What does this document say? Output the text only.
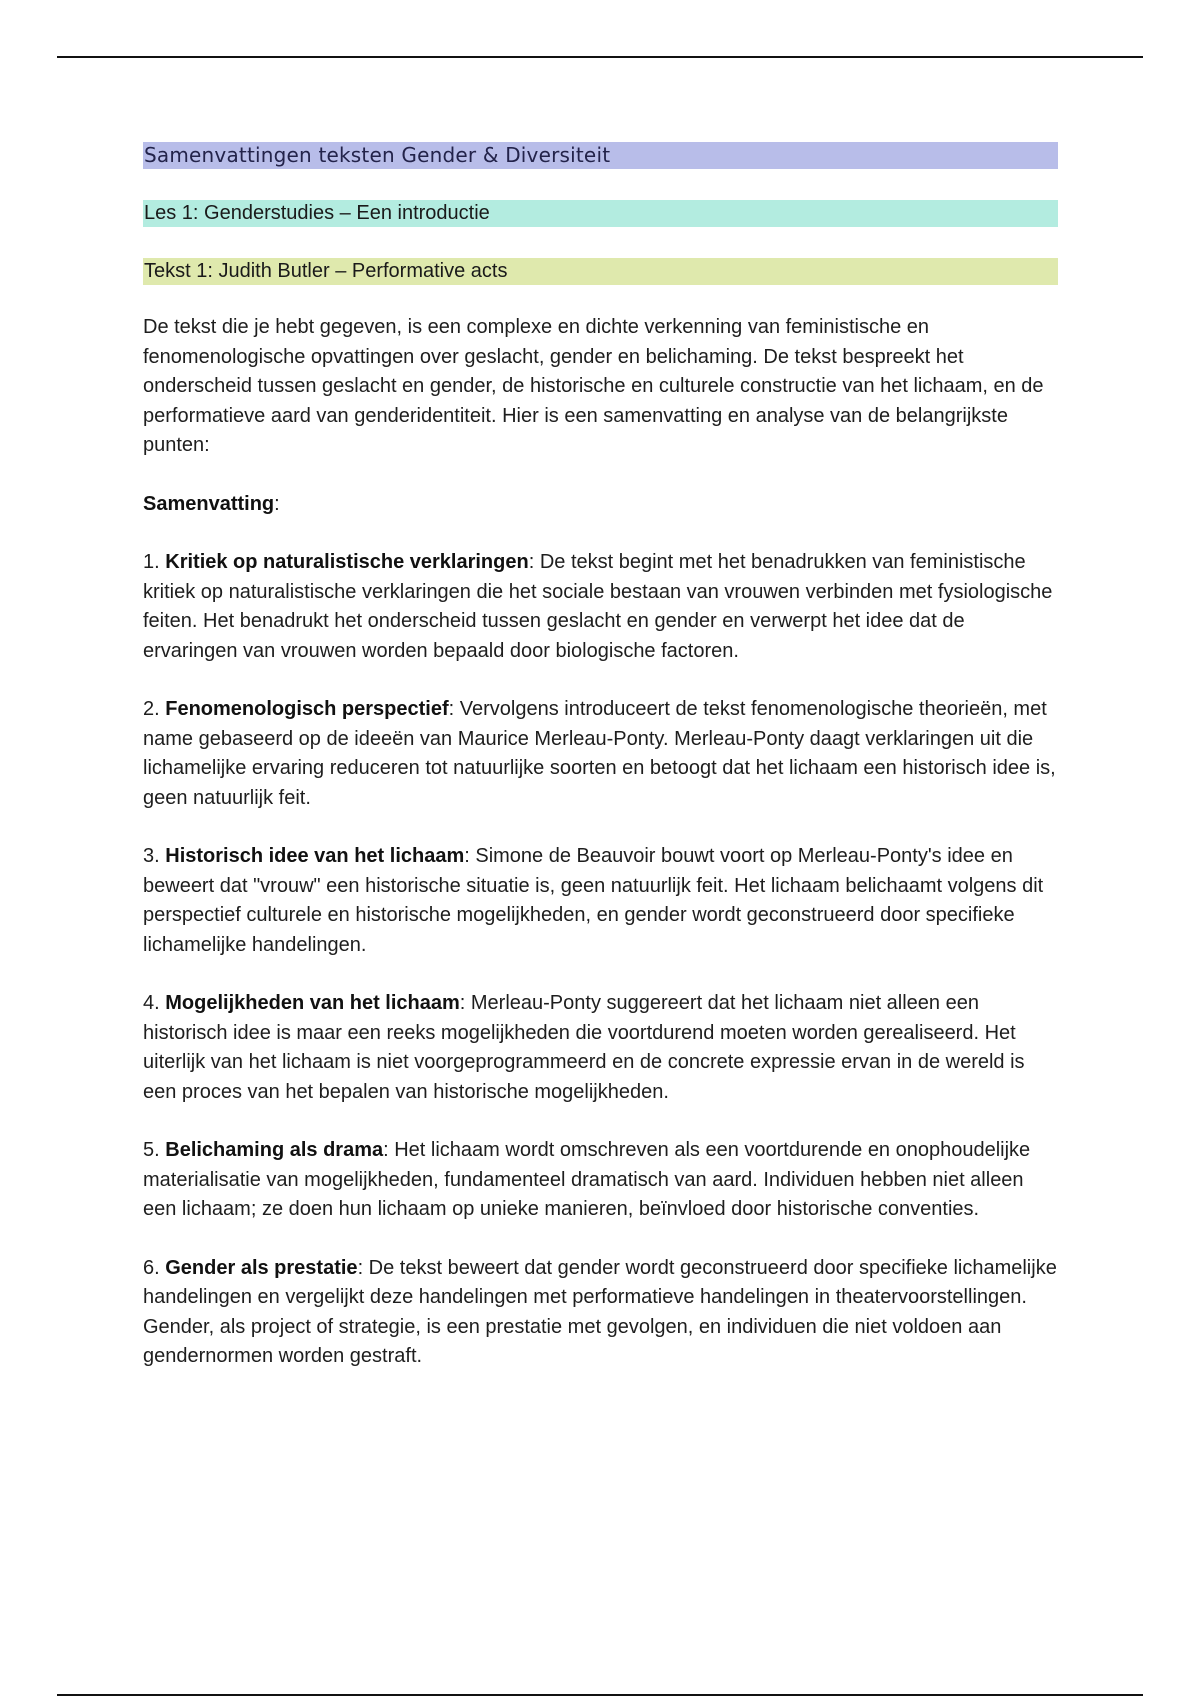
Samenvattingen teksten Gender & Diversiteit
Les 1: Genderstudies – Een introductie
Tekst 1: Judith Butler – Performative acts

De tekst die je hebt gegeven, is een complexe en dichte verkenning van feministische en fenomenologische opvattingen over geslacht, gender en belichaming. De tekst bespreekt het onderscheid tussen geslacht en gender, de historische en culturele constructie van het lichaam, en de performatieve aard van genderidentiteit. Hier is een samenvatting en analyse van de belangrijkste punten:

Samenvatting:

1. Kritiek op naturalistische verklaringen: De tekst begint met het benadrukken van feministische kritiek op naturalistische verklaringen die het sociale bestaan van vrouwen verbinden met fysiologische feiten. Het benadrukt het onderscheid tussen geslacht en gender en verwerpt het idee dat de ervaringen van vrouwen worden bepaald door biologische factoren.

2. Fenomenologisch perspectief: Vervolgens introduceert de tekst fenomenologische theorieën, met name gebaseerd op de ideeën van Maurice Merleau-Ponty. Merleau-Ponty daagt verklaringen uit die lichamelijke ervaring reduceren tot natuurlijke soorten en betoogt dat het lichaam een historisch idee is, geen natuurlijk feit.

3. Historisch idee van het lichaam: Simone de Beauvoir bouwt voort op Merleau-Ponty's idee en beweert dat "vrouw" een historische situatie is, geen natuurlijk feit. Het lichaam belichaamt volgens dit perspectief culturele en historische mogelijkheden, en gender wordt geconstrueerd door specifieke lichamelijke handelingen.

4. Mogelijkheden van het lichaam: Merleau-Ponty suggereert dat het lichaam niet alleen een historisch idee is maar een reeks mogelijkheden die voortdurend moeten worden gerealiseerd. Het uiterlijk van het lichaam is niet voorgeprogrammeerd en de concrete expressie ervan in de wereld is een proces van het bepalen van historische mogelijkheden.

5. Belichaming als drama: Het lichaam wordt omschreven als een voortdurende en onophoudelijke materialisatie van mogelijkheden, fundamenteel dramatisch van aard. Individuen hebben niet alleen een lichaam; ze doen hun lichaam op unieke manieren, beïnvloed door historische conventies.

6. Gender als prestatie: De tekst beweert dat gender wordt geconstrueerd door specifieke lichamelijke handelingen en vergelijkt deze handelingen met performatieve handelingen in theatervoorstellingen. Gender, als project of strategie, is een prestatie met gevolgen, en individuen die niet voldoen aan gendernormen worden gestraft.
